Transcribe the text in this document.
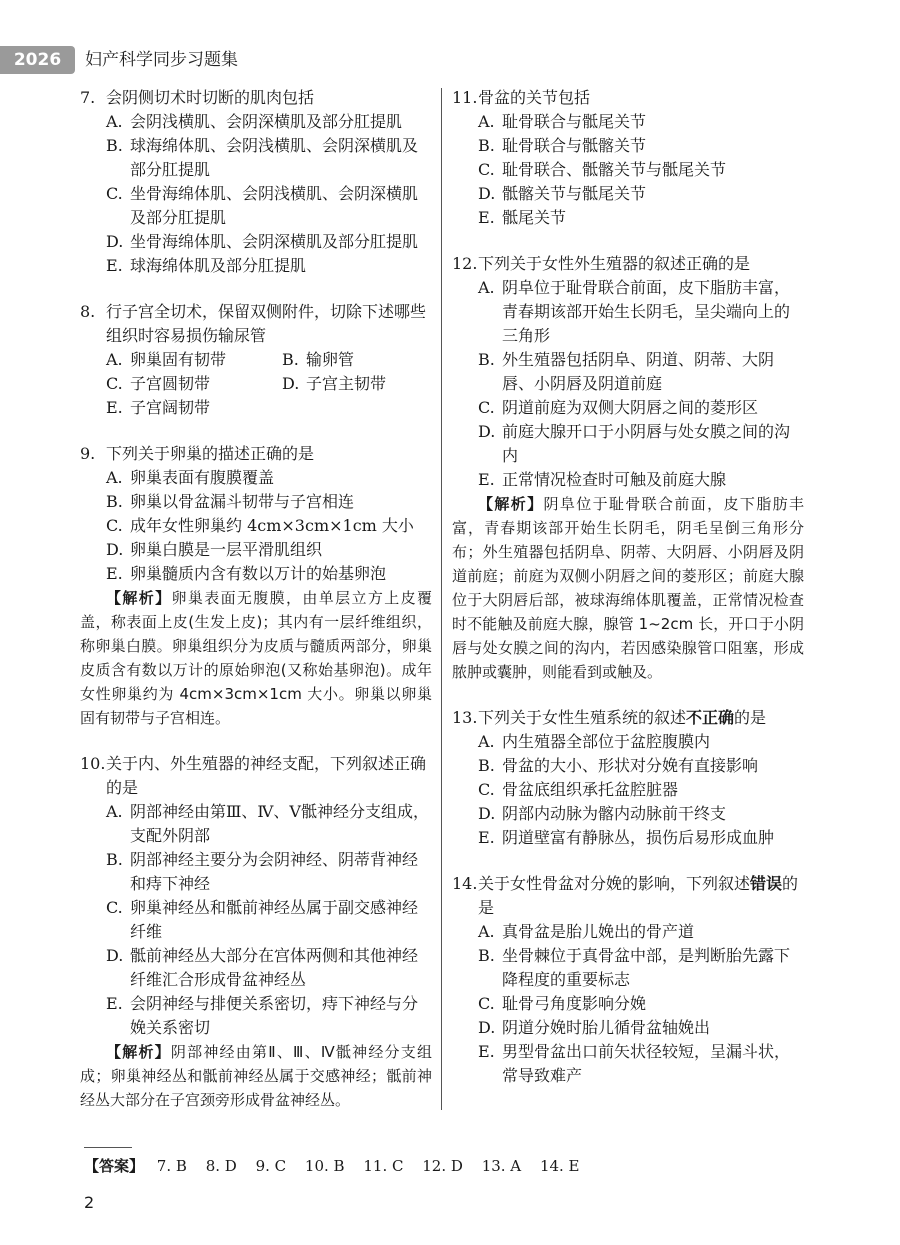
2026	妇产科学同步习题集
7. 会阴侧切术时切断的肌肉包括
A. 会阴浅横肌、会阴深横肌及部分肛提肌
B. 球海绵体肌、会阴浅横肌、会阴深横肌及部分肛提肌
C. 坐骨海绵体肌、会阴浅横肌、会阴深横肌及部分肛提肌
D. 坐骨海绵体肌、会阴深横肌及部分肛提肌
E. 球海绵体肌及部分肛提肌
8. 行子宫全切术，保留双侧附件，切除下述哪些组织时容易损伤输尿管
A. 卵巢固有韧带	B. 输卵管
C. 子宫圆韧带	D. 子宫主韧带
E. 子宫阔韧带
9. 下列关于卵巢的描述正确的是
A. 卵巢表面有腹膜覆盖
B. 卵巢以骨盆漏斗韧带与子宫相连
C. 成年女性卵巢约 4cm×3cm×1cm 大小
D. 卵巢白膜是一层平滑肌组织
E. 卵巢髓质内含有数以万计的始基卵泡
【解析】卵巢表面无腹膜，由单层立方上皮覆盖，称表面上皮(生发上皮)；其内有一层纤维组织，称卵巢白膜。卵巢组织分为皮质与髓质两部分，卵巢皮质含有数以万计的原始卵泡(又称始基卵泡)。成年女性卵巢约为 4cm×3cm×1cm 大小。卵巢以卵巢固有韧带与子宫相连。
10.关于内、外生殖器的神经支配，下列叙述正确的是
A. 阴部神经由第Ⅲ、Ⅳ、Ⅴ骶神经分支组成，支配外阴部
B. 阴部神经主要分为会阴神经、阴蒂背神经和痔下神经
C. 卵巢神经丛和骶前神经丛属于副交感神经纤维
D. 骶前神经丛大部分在宫体两侧和其他神经纤维汇合形成骨盆神经丛
E. 会阴神经与排便关系密切，痔下神经与分娩关系密切
【解析】阴部神经由第Ⅱ、Ⅲ、Ⅳ骶神经分支组成；卵巢神经丛和骶前神经丛属于交感神经；骶前神经丛大部分在子宫颈旁形成骨盆神经丛。
11.骨盆的关节包括
A. 耻骨联合与骶尾关节
B. 耻骨联合与骶髂关节
C. 耻骨联合、骶髂关节与骶尾关节
D. 骶髂关节与骶尾关节
E. 骶尾关节
12.下列关于女性外生殖器的叙述正确的是
A. 阴阜位于耻骨联合前面，皮下脂肪丰富，青春期该部开始生长阴毛，呈尖端向上的三角形
B. 外生殖器包括阴阜、阴道、阴蒂、大阴唇、小阴唇及阴道前庭
C. 阴道前庭为双侧大阴唇之间的菱形区
D. 前庭大腺开口于小阴唇与处女膜之间的沟内
E. 正常情况检查时可触及前庭大腺
【解析】阴阜位于耻骨联合前面，皮下脂肪丰富，青春期该部开始生长阴毛，阴毛呈倒三角形分布；外生殖器包括阴阜、阴蒂、大阴唇、小阴唇及阴道前庭；前庭为双侧小阴唇之间的菱形区；前庭大腺位于大阴唇后部，被球海绵体肌覆盖，正常情况检查时不能触及前庭大腺，腺管 1~2cm 长，开口于小阴唇与处女膜之间的沟内，若因感染腺管口阻塞，形成脓肿或囊肿，则能看到或触及。
13.下列关于女性生殖系统的叙述不正确的是
A. 内生殖器全部位于盆腔腹膜内
B. 骨盆的大小、形状对分娩有直接影响
C. 骨盆底组织承托盆腔脏器
D. 阴部内动脉为髂内动脉前干终支
E. 阴道壁富有静脉丛，损伤后易形成血肿
14.关于女性骨盆对分娩的影响，下列叙述错误的是
A. 真骨盆是胎儿娩出的骨产道
B. 坐骨棘位于真骨盆中部，是判断胎先露下降程度的重要标志
C. 耻骨弓角度影响分娩
D. 阴道分娩时胎儿循骨盆轴娩出
E. 男型骨盆出口前矢状径较短，呈漏斗状，常导致难产
【答案】 7. B 8. D 9. C 10. B 11. C 12. D 13. A 14. E
2
